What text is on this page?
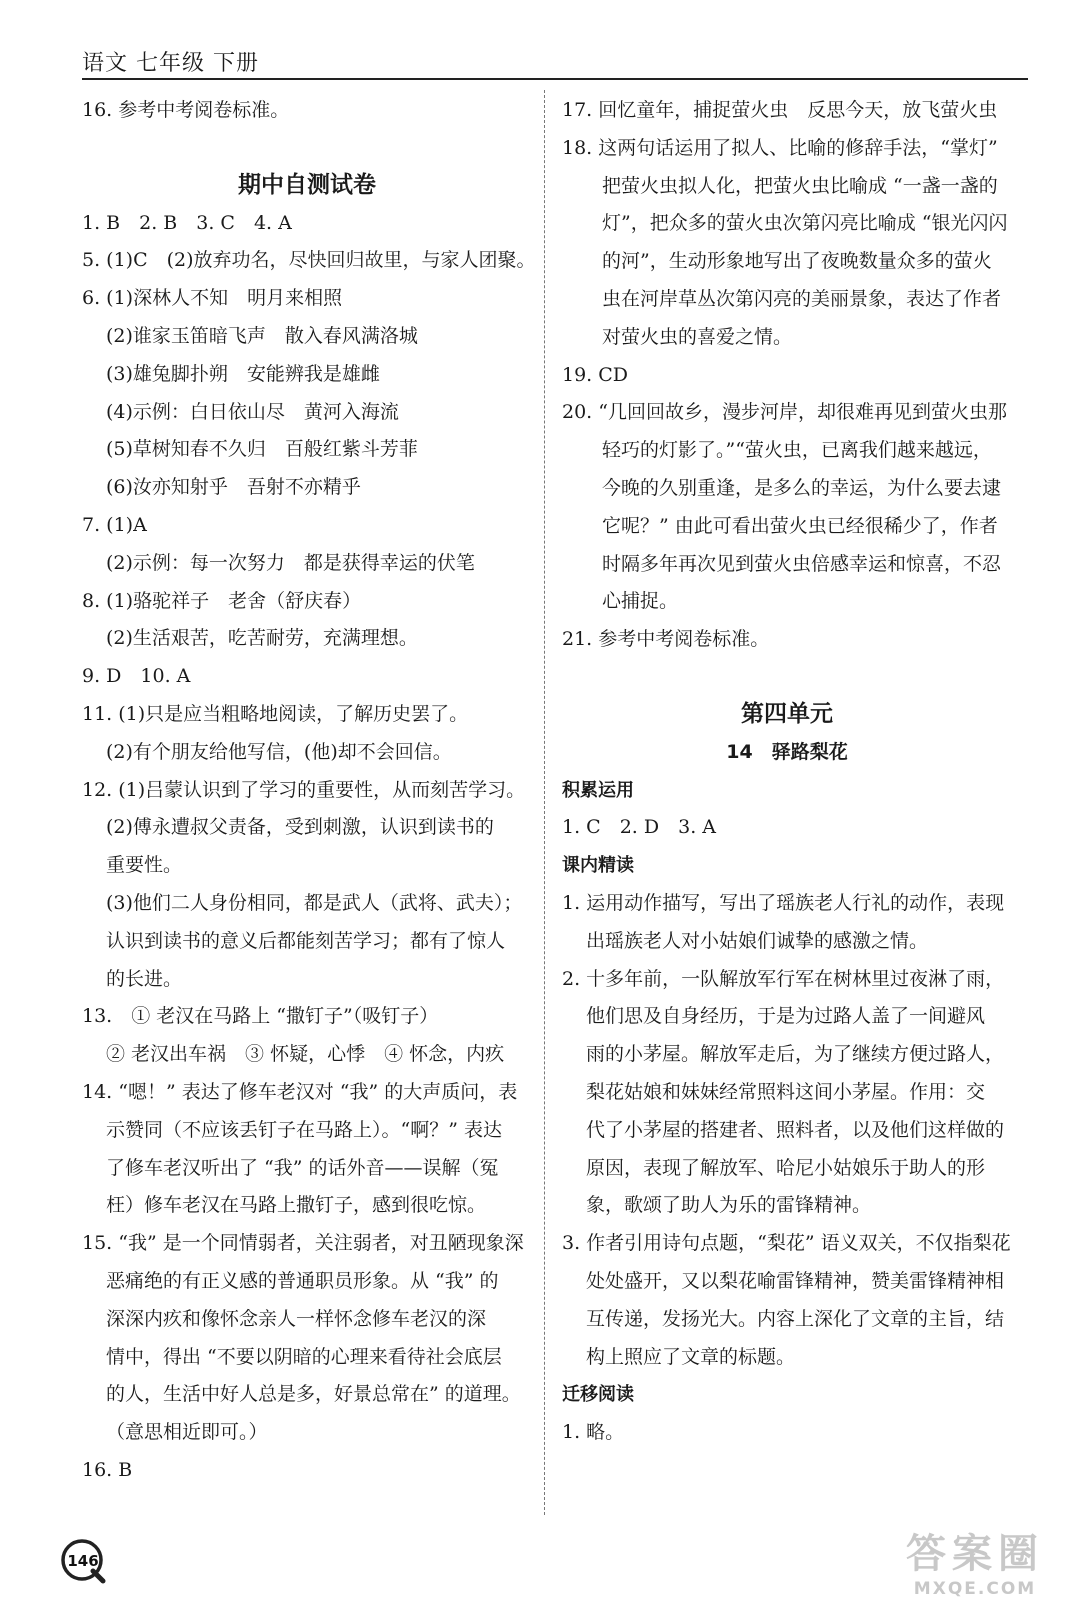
语文 七年级 下册
16. 参考中考阅卷标准。
期中自测试卷
1. B　2. B　3. C　4. A
5. (1)C　(2)放弃功名，尽快回归故里，与家人团聚。
6. (1)深林人不知　明月来相照
(2)谁家玉笛暗飞声　散入春风满洛城
(3)雄兔脚扑朔　安能辨我是雄雌
(4)示例：白日依山尽　黄河入海流
(5)草树知春不久归　百般红紫斗芳菲
(6)汝亦知射乎　吾射不亦精乎
7. (1)A
(2)示例：每一次努力　都是获得幸运的伏笔
8. (1)骆驼祥子　老舍（舒庆春）
(2)生活艰苦，吃苦耐劳，充满理想。
9. D　10. A
11. (1)只是应当粗略地阅读，了解历史罢了。
(2)有个朋友给他写信，(他)却不会回信。
12. (1)吕蒙认识到了学习的重要性，从而刻苦学习。
(2)傅永遭叔父责备，受到刺激，认识到读书的
重要性。
(3)他们二人身份相同，都是武人（武将、武夫）；
认识到读书的意义后都能刻苦学习；都有了惊人
的长进。
13.　① 老汉在马路上 “撒钉子”（吸钉子）
② 老汉出车祸　③ 怀疑，心悸　④ 怀念，内疚
14. “嗯！” 表达了修车老汉对 “我” 的大声质问，表
示赞同（不应该丢钉子在马路上）。“啊？” 表达
了修车老汉听出了 “我” 的话外音——误解（冤
枉）修车老汉在马路上撒钉子，感到很吃惊。
15. “我” 是一个同情弱者，关注弱者，对丑陋现象深
恶痛绝的有正义感的普通职员形象。从 “我” 的
深深内疚和像怀念亲人一样怀念修车老汉的深
情中，得出 “不要以阴暗的心理来看待社会底层
的人，生活中好人总是多，好景总常在” 的道理。
（意思相近即可。）
16. B
17. 回忆童年，捕捉萤火虫　反思今天，放飞萤火虫
18. 这两句话运用了拟人、比喻的修辞手法，“掌灯”
把萤火虫拟人化，把萤火虫比喻成 “一盏一盏的
灯”，把众多的萤火虫次第闪亮比喻成 “银光闪闪
的河”，生动形象地写出了夜晚数量众多的萤火
虫在河岸草丛次第闪亮的美丽景象，表达了作者
对萤火虫的喜爱之情。
19. CD
20. “几回回故乡，漫步河岸，却很难再见到萤火虫那
轻巧的灯影了。”“萤火虫，已离我们越来越远，
今晚的久别重逢，是多么的幸运，为什么要去逮
它呢？” 由此可看出萤火虫已经很稀少了，作者
时隔多年再次见到萤火虫倍感幸运和惊喜，不忍
心捕捉。
21. 参考中考阅卷标准。
第四单元
14　驿路梨花
积累运用
1. C　2. D　3. A
课内精读
1. 运用动作描写，写出了瑶族老人行礼的动作，表现
出瑶族老人对小姑娘们诚挚的感激之情。
2. 十多年前，一队解放军行军在树林里过夜淋了雨，
他们思及自身经历，于是为过路人盖了一间避风
雨的小茅屋。解放军走后，为了继续方便过路人，
梨花姑娘和妹妹经常照料这间小茅屋。作用：交
代了小茅屋的搭建者、照料者，以及他们这样做的
原因，表现了解放军、哈尼小姑娘乐于助人的形
象，歌颂了助人为乐的雷锋精神。
3. 作者引用诗句点题，“梨花” 语义双关，不仅指梨花
处处盛开，又以梨花喻雷锋精神，赞美雷锋精神相
互传递，发扬光大。内容上深化了文章的主旨，结
构上照应了文章的标题。
迁移阅读
1. 略。
146	答案圈
MXQE.COM
